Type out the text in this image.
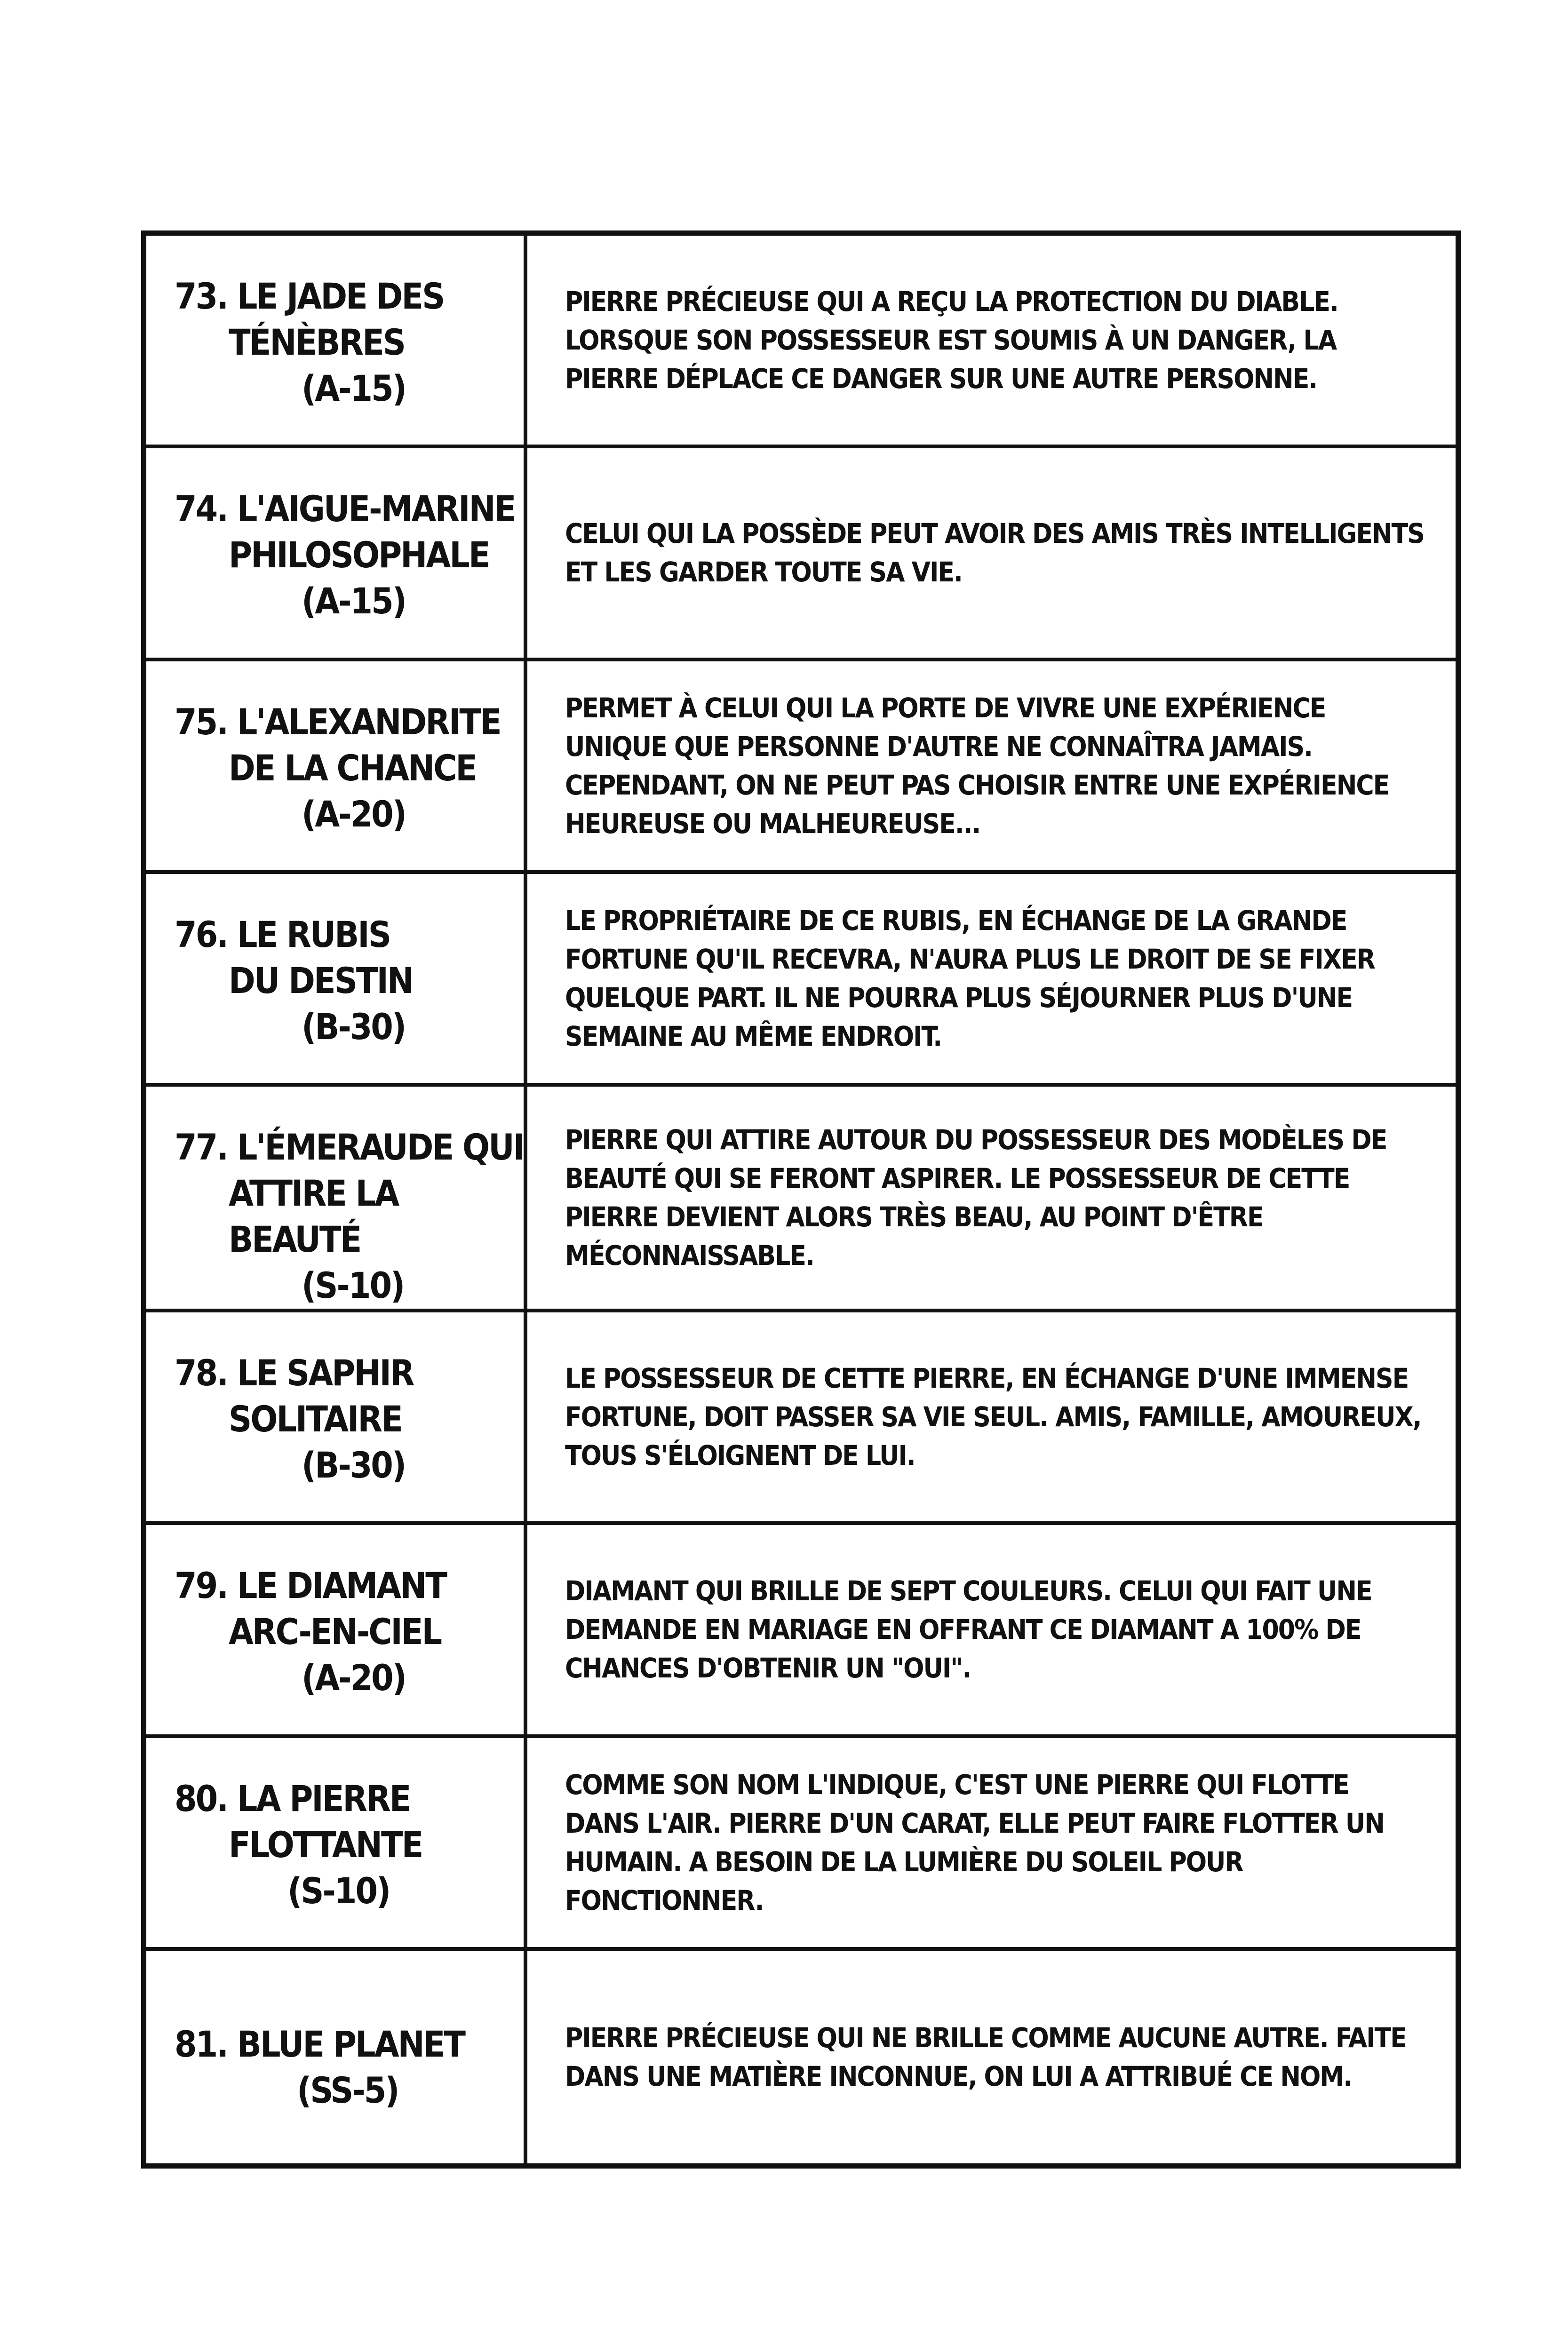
73. LE JADE DES
TÉNÈBRES
(A-15)
PIERRE PRÉCIEUSE QUI A REÇU LA PROTECTION DU DIABLE. LORSQUE SON POSSESSEUR EST SOUMIS À UN DANGER, LA PIERRE DÉPLACE CE DANGER SUR UNE AUTRE PERSONNE.
74. L'AIGUE-MARINE
PHILOSOPHALE
(A-15)
CELUI QUI LA POSSÈDE PEUT AVOIR DES AMIS TRÈS INTELLIGENTS ET LES GARDER TOUTE SA VIE.
75. L'ALEXANDRITE
DE LA CHANCE
(A-20)
PERMET À CELUI QUI LA PORTE DE VIVRE UNE EXPÉRIENCE UNIQUE QUE PERSONNE D'AUTRE NE CONNAÎTRA JAMAIS. CEPENDANT, ON NE PEUT PAS CHOISIR ENTRE UNE EXPÉRIENCE HEUREUSE OU MALHEUREUSE...
76. LE RUBIS
DU DESTIN
(B-30)
LE PROPRIÉTAIRE DE CE RUBIS, EN ÉCHANGE DE LA GRANDE FORTUNE QU'IL RECEVRA, N'AURA PLUS LE DROIT DE SE FIXER QUELQUE PART. IL NE POURRA PLUS SÉJOURNER PLUS D'UNE SEMAINE AU MÊME ENDROIT.
77. L'ÉMERAUDE QUI
ATTIRE LA BEAUTÉ
(S-10)
PIERRE QUI ATTIRE AUTOUR DU POSSESSEUR DES MODÈLES DE BEAUTÉ QUI SE FERONT ASPIRER. LE POSSESSEUR DE CETTE PIERRE DEVIENT ALORS TRÈS BEAU, AU POINT D'ÊTRE MÉCONNAISSABLE.
78. LE SAPHIR
SOLITAIRE
(B-30)
LE POSSESSEUR DE CETTE PIERRE, EN ÉCHANGE D'UNE IMMENSE FORTUNE, DOIT PASSER SA VIE SEUL. AMIS, FAMILLE, AMOUREUX, TOUS S'ÉLOIGNENT DE LUI.
79. LE DIAMANT
ARC-EN-CIEL
(A-20)
DIAMANT QUI BRILLE DE SEPT COULEURS. CELUI QUI FAIT UNE DEMANDE EN MARIAGE EN OFFRANT CE DIAMANT A 100% DE CHANCES D'OBTENIR UN "OUI".
80. LA PIERRE
FLOTTANTE
(S-10)
COMME SON NOM L'INDIQUE, C'EST UNE PIERRE QUI FLOTTE DANS L'AIR. PIERRE D'UN CARAT, ELLE PEUT FAIRE FLOTTER UN HUMAIN. A BESOIN DE LA LUMIÈRE DU SOLEIL POUR FONCTIONNER.
81. BLUE PLANET
(SS-5)
PIERRE PRÉCIEUSE QUI NE BRILLE COMME AUCUNE AUTRE. FAITE DANS UNE MATIÈRE INCONNUE, ON LUI A ATTRIBUÉ CE NOM.
